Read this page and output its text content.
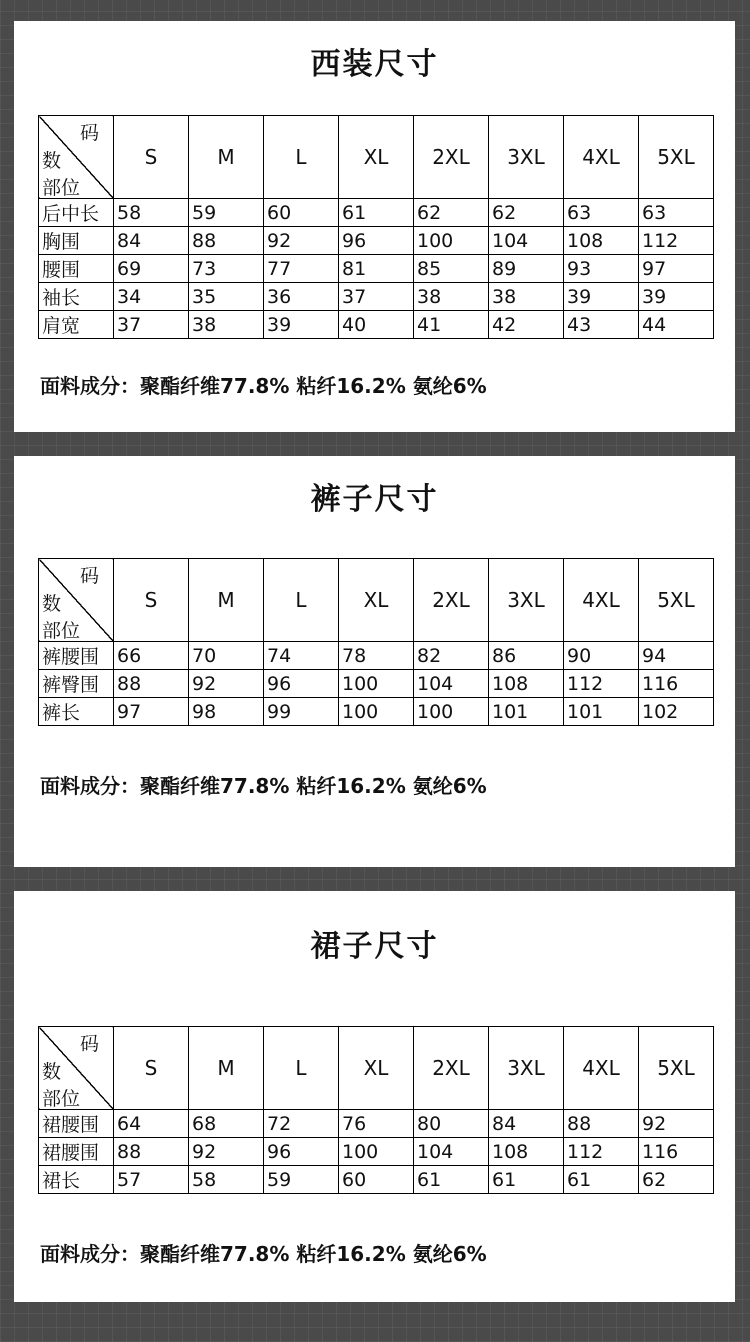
西装尺寸
码
数
部位	S	M	L	XL	2XL	3XL	4XL	5XL
后中长	58	59	60	61	62	62	63	63
胸围	84	88	92	96	100	104	108	112
腰围	69	73	77	81	85	89	93	97
袖长	34	35	36	37	38	38	39	39
肩宽	37	38	39	40	41	42	43	44
面料成分：聚酯纤维77.8% 粘纤16.2% 氨纶6%
裤子尺寸
码
数
部位	S	M	L	XL	2XL	3XL	4XL	5XL
裤腰围	66	70	74	78	82	86	90	94
裤臀围	88	92	96	100	104	108	112	116
裤长	97	98	99	100	100	101	101	102
面料成分：聚酯纤维77.8% 粘纤16.2% 氨纶6%
裙子尺寸
码
数
部位	S	M	L	XL	2XL	3XL	4XL	5XL
裙腰围	64	68	72	76	80	84	88	92
裙腰围	88	92	96	100	104	108	112	116
裙长	57	58	59	60	61	61	61	62
面料成分：聚酯纤维77.8% 粘纤16.2% 氨纶6%
